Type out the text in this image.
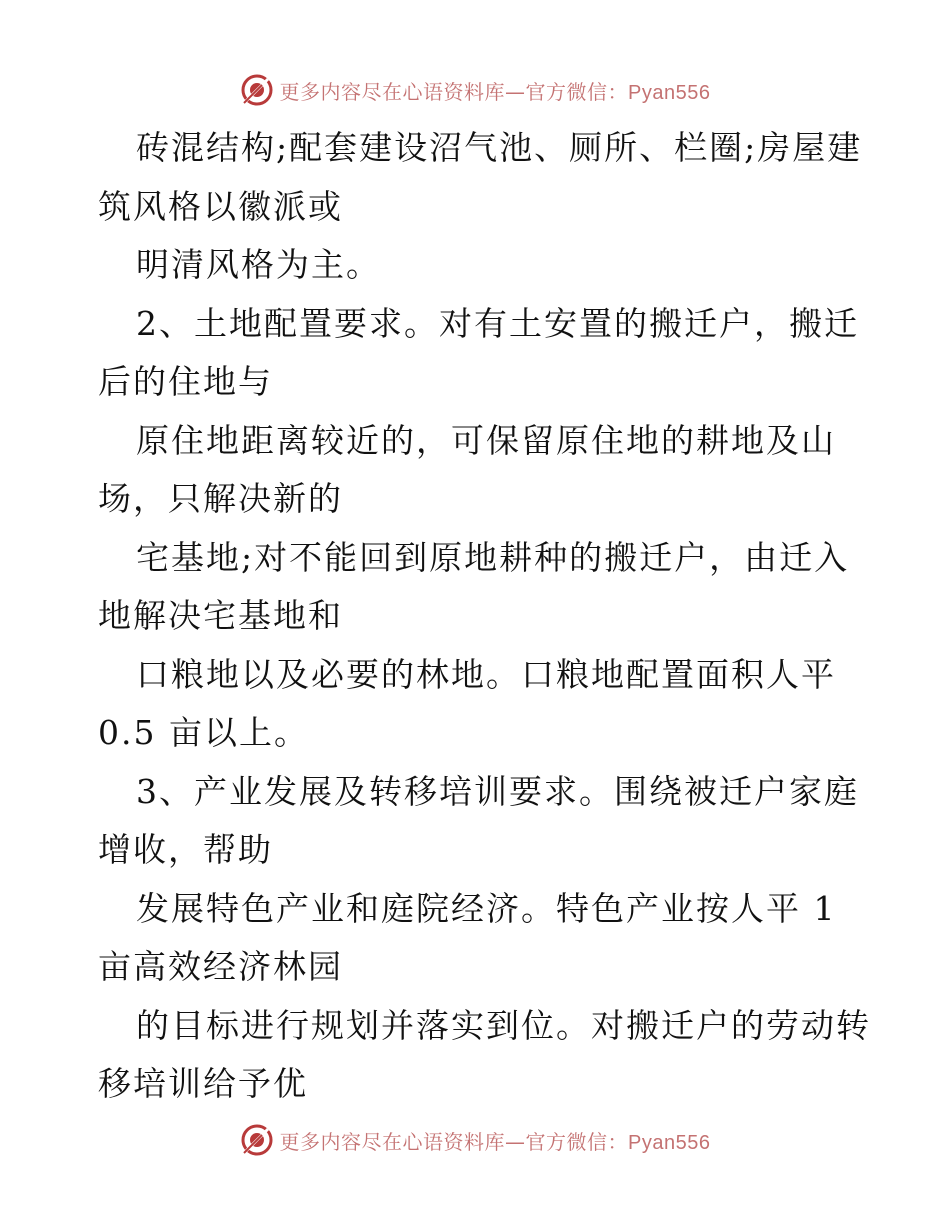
更多内容尽在心语资料库—官方微信：Pyan556
砖混结构;配套建设沼气池、厕所、栏圈;房屋建
筑风格以徽派或
明清风格为主。
2、土地配置要求。对有土安置的搬迁户，搬迁
后的住地与
原住地距离较近的，可保留原住地的耕地及山
场，只解决新的
宅基地;对不能回到原地耕种的搬迁户，由迁入
地解决宅基地和
口粮地以及必要的林地。口粮地配置面积人平
0.5 亩以上。
3、产业发展及转移培训要求。围绕被迁户家庭
增收，帮助
发展特色产业和庭院经济。特色产业按人平 1
亩高效经济林园
的目标进行规划并落实到位。对搬迁户的劳动转
移培训给予优
更多内容尽在心语资料库—官方微信：Pyan556
